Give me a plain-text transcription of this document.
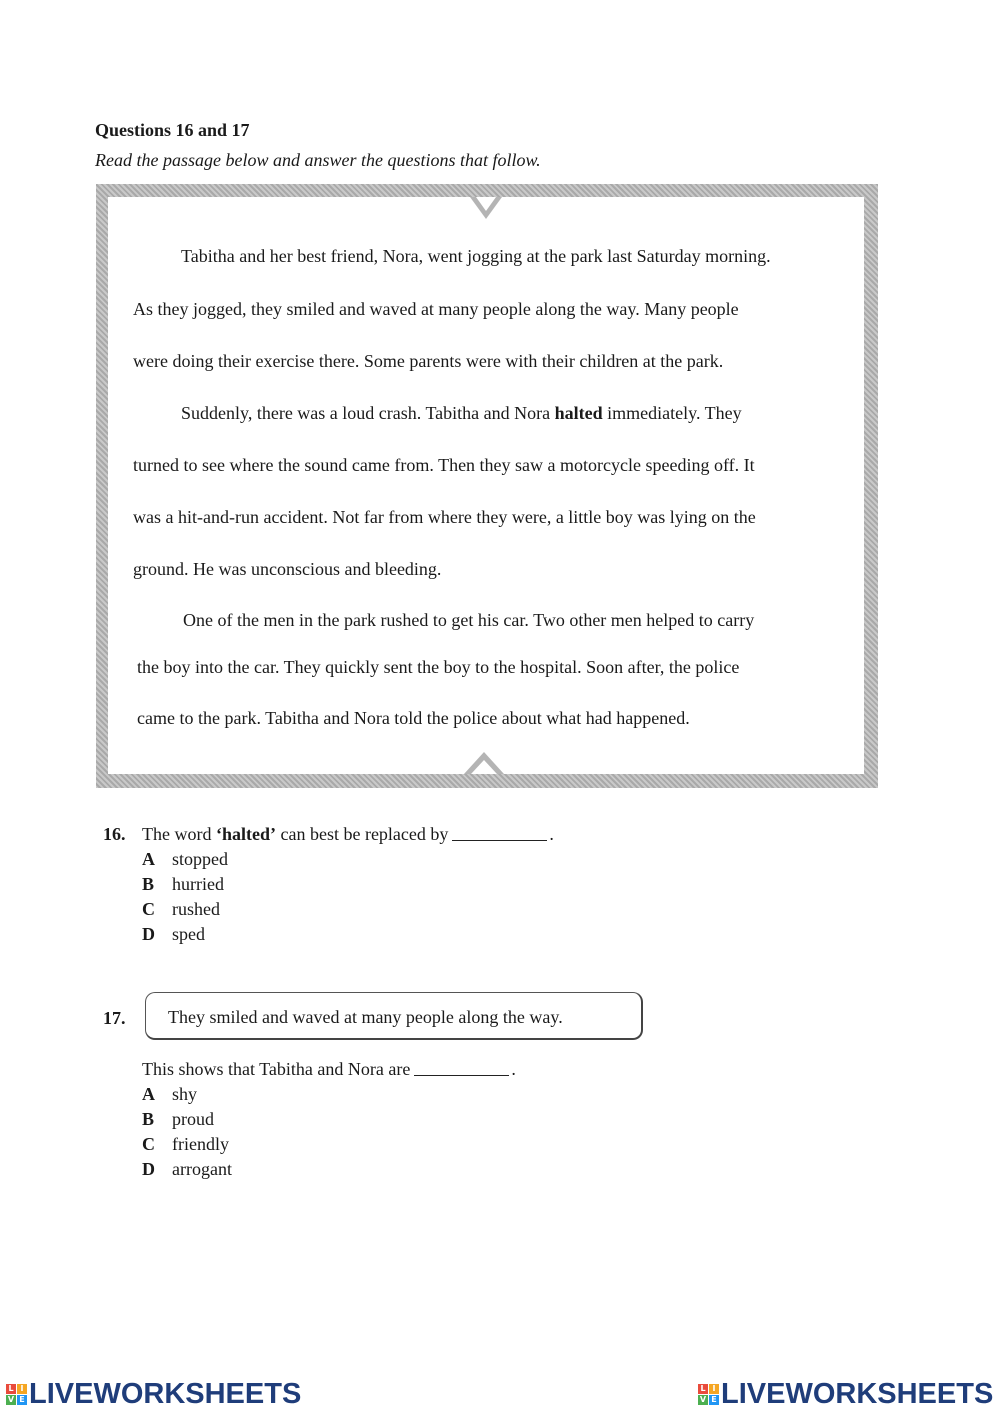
Questions 16 and 17
Read the passage below and answer the questions that follow.
Tabitha and her best friend, Nora, went jogging at the park last Saturday morning.
As they jogged, they smiled and waved at many people along the way. Many people
were doing their exercise there. Some parents were with their children at the park.
Suddenly, there was a loud crash. Tabitha and Nora halted immediately. They
turned to see where the sound came from. Then they saw a motorcycle speeding off. It
was a hit-and-run accident. Not far from where they were, a little boy was lying on the
ground. He was unconscious and bleeding.
One of the men in the park rushed to get his car. Two other men helped to carry
the boy into the car. They quickly sent the boy to the hospital. Soon after, the police
came to the park. Tabitha and Nora told the police about what had happened.
16. The word ‘halted’ can best be replaced by	.
A stopped
B hurried
C rushed
D sped
17. They smiled and waved at many people along the way.
This shows that Tabitha and Nora are	.
A shy
B proud
C friendly
D arrogant
L I
V E LIVEWORKSHEETS	L I
V E LIVEWORKSHEETS
